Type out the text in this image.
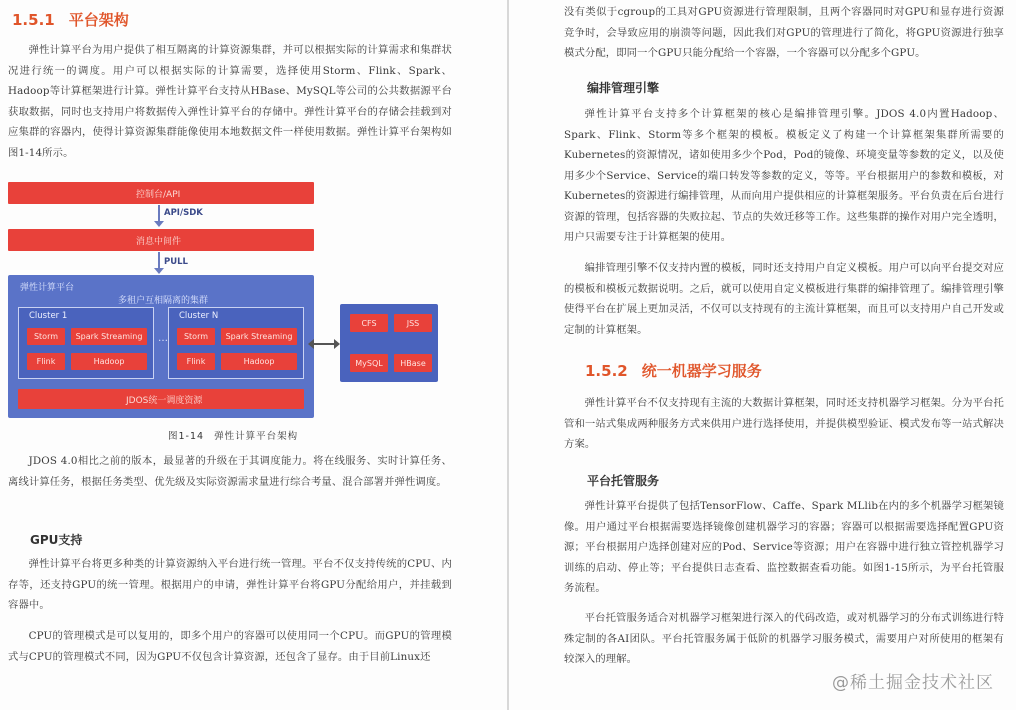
1.5.1 平台架构

弹性计算平台为用户提供了相互隔离的计算资源集群，并可以根据实际的计算需求和集群状况进行统一的调度。用户可以根据实际的计算需要，选择使用Storm、Flink、Spark、Hadoop等计算框架进行计算。弹性计算平台支持从HBase、MySQL等公司的公共数据源平台获取数据，同时也支持用户将数据传入弹性计算平台的存储中。弹性计算平台的存储会挂载到对应集群的容器内，使得计算资源集群能像使用本地数据文件一样使用数据。弹性计算平台架构如图1-14所示。

控制台/API
API/SDK
消息中间件
PULL
弹性计算平台
多租户互相隔离的集群
Cluster 1
Storm	Spark Streaming
Flink	Hadoop
…
Cluster N
Storm	Spark Streaming
Flink	Hadoop
JDOS统一调度资源
CFS	JSS
MySQL	HBase
图1-14 弹性计算平台架构

JDOS 4.0相比之前的版本，最显著的升级在于其调度能力。将在线服务、实时计算任务、离线计算任务，根据任务类型、优先级及实际资源需求量进行综合考量、混合部署并弹性调度。

GPU支持

弹性计算平台将更多种类的计算资源纳入平台进行统一管理。平台不仅支持传统的CPU、内存等，还支持GPU的统一管理。根据用户的申请，弹性计算平台将GPU分配给用户，并挂载到容器中。

CPU的管理模式是可以复用的，即多个用户的容器可以使用同一个CPU。而GPU的管理模式与CPU的管理模式不同，因为GPU不仅包含计算资源，还包含了显存。由于目前Linux还

没有类似于cgroup的工具对GPU资源进行管理限制，且两个容器同时对GPU和显存进行资源竞争时，会导致应用的崩溃等问题，因此我们对GPU的管理进行了简化，将GPU资源进行独享模式分配，即同一个GPU只能分配给一个容器，一个容器可以分配多个GPU。

编排管理引擎

弹性计算平台支持多个计算框架的核心是编排管理引擎。JDOS 4.0内置Hadoop、Spark、Flink、Storm等多个框架的模板。模板定义了构建一个计算框架集群所需要的Kubernetes的资源情况，诸如使用多少个Pod，Pod的镜像、环境变量等参数的定义，以及使用多少个Service、Service的端口转发等参数的定义，等等。平台根据用户的参数和模板，对Kubernetes的资源进行编排管理，从而向用户提供相应的计算框架服务。平台负责在后台进行资源的管理，包括容器的失败拉起、节点的失效迁移等工作。这些集群的操作对用户完全透明，用户只需要专注于计算框架的使用。

编排管理引擎不仅支持内置的模板，同时还支持用户自定义模板。用户可以向平台提交对应的模板和模板元数据说明。之后，就可以使用自定义模板进行集群的编排管理了。编排管理引擎使得平台在扩展上更加灵活，不仅可以支持现有的主流计算框架，而且可以支持用户自己开发或定制的计算框架。

1.5.2 统一机器学习服务

弹性计算平台不仅支持现有主流的大数据计算框架，同时还支持机器学习框架。分为平台托管和一站式集成两种服务方式来供用户进行选择使用，并提供模型验证、模式发布等一站式解决方案。

平台托管服务

弹性计算平台提供了包括TensorFlow、Caffe、Spark MLlib在内的多个机器学习框架镜像。用户通过平台根据需要选择镜像创建机器学习的容器；容器可以根据需要选择配置GPU资源；平台根据用户选择创建对应的Pod、Service等资源；用户在容器中进行独立管控机器学习训练的启动、停止等；平台提供日志查看、监控数据查看功能。如图1-15所示，为平台托管服务流程。

平台托管服务适合对机器学习框架进行深入的代码改造，或对机器学习的分布式训练进行特殊定制的各AI团队。平台托管服务属于低阶的机器学习服务模式，需要用户对所使用的框架有较深入的理解。

@稀土掘金技术社区
